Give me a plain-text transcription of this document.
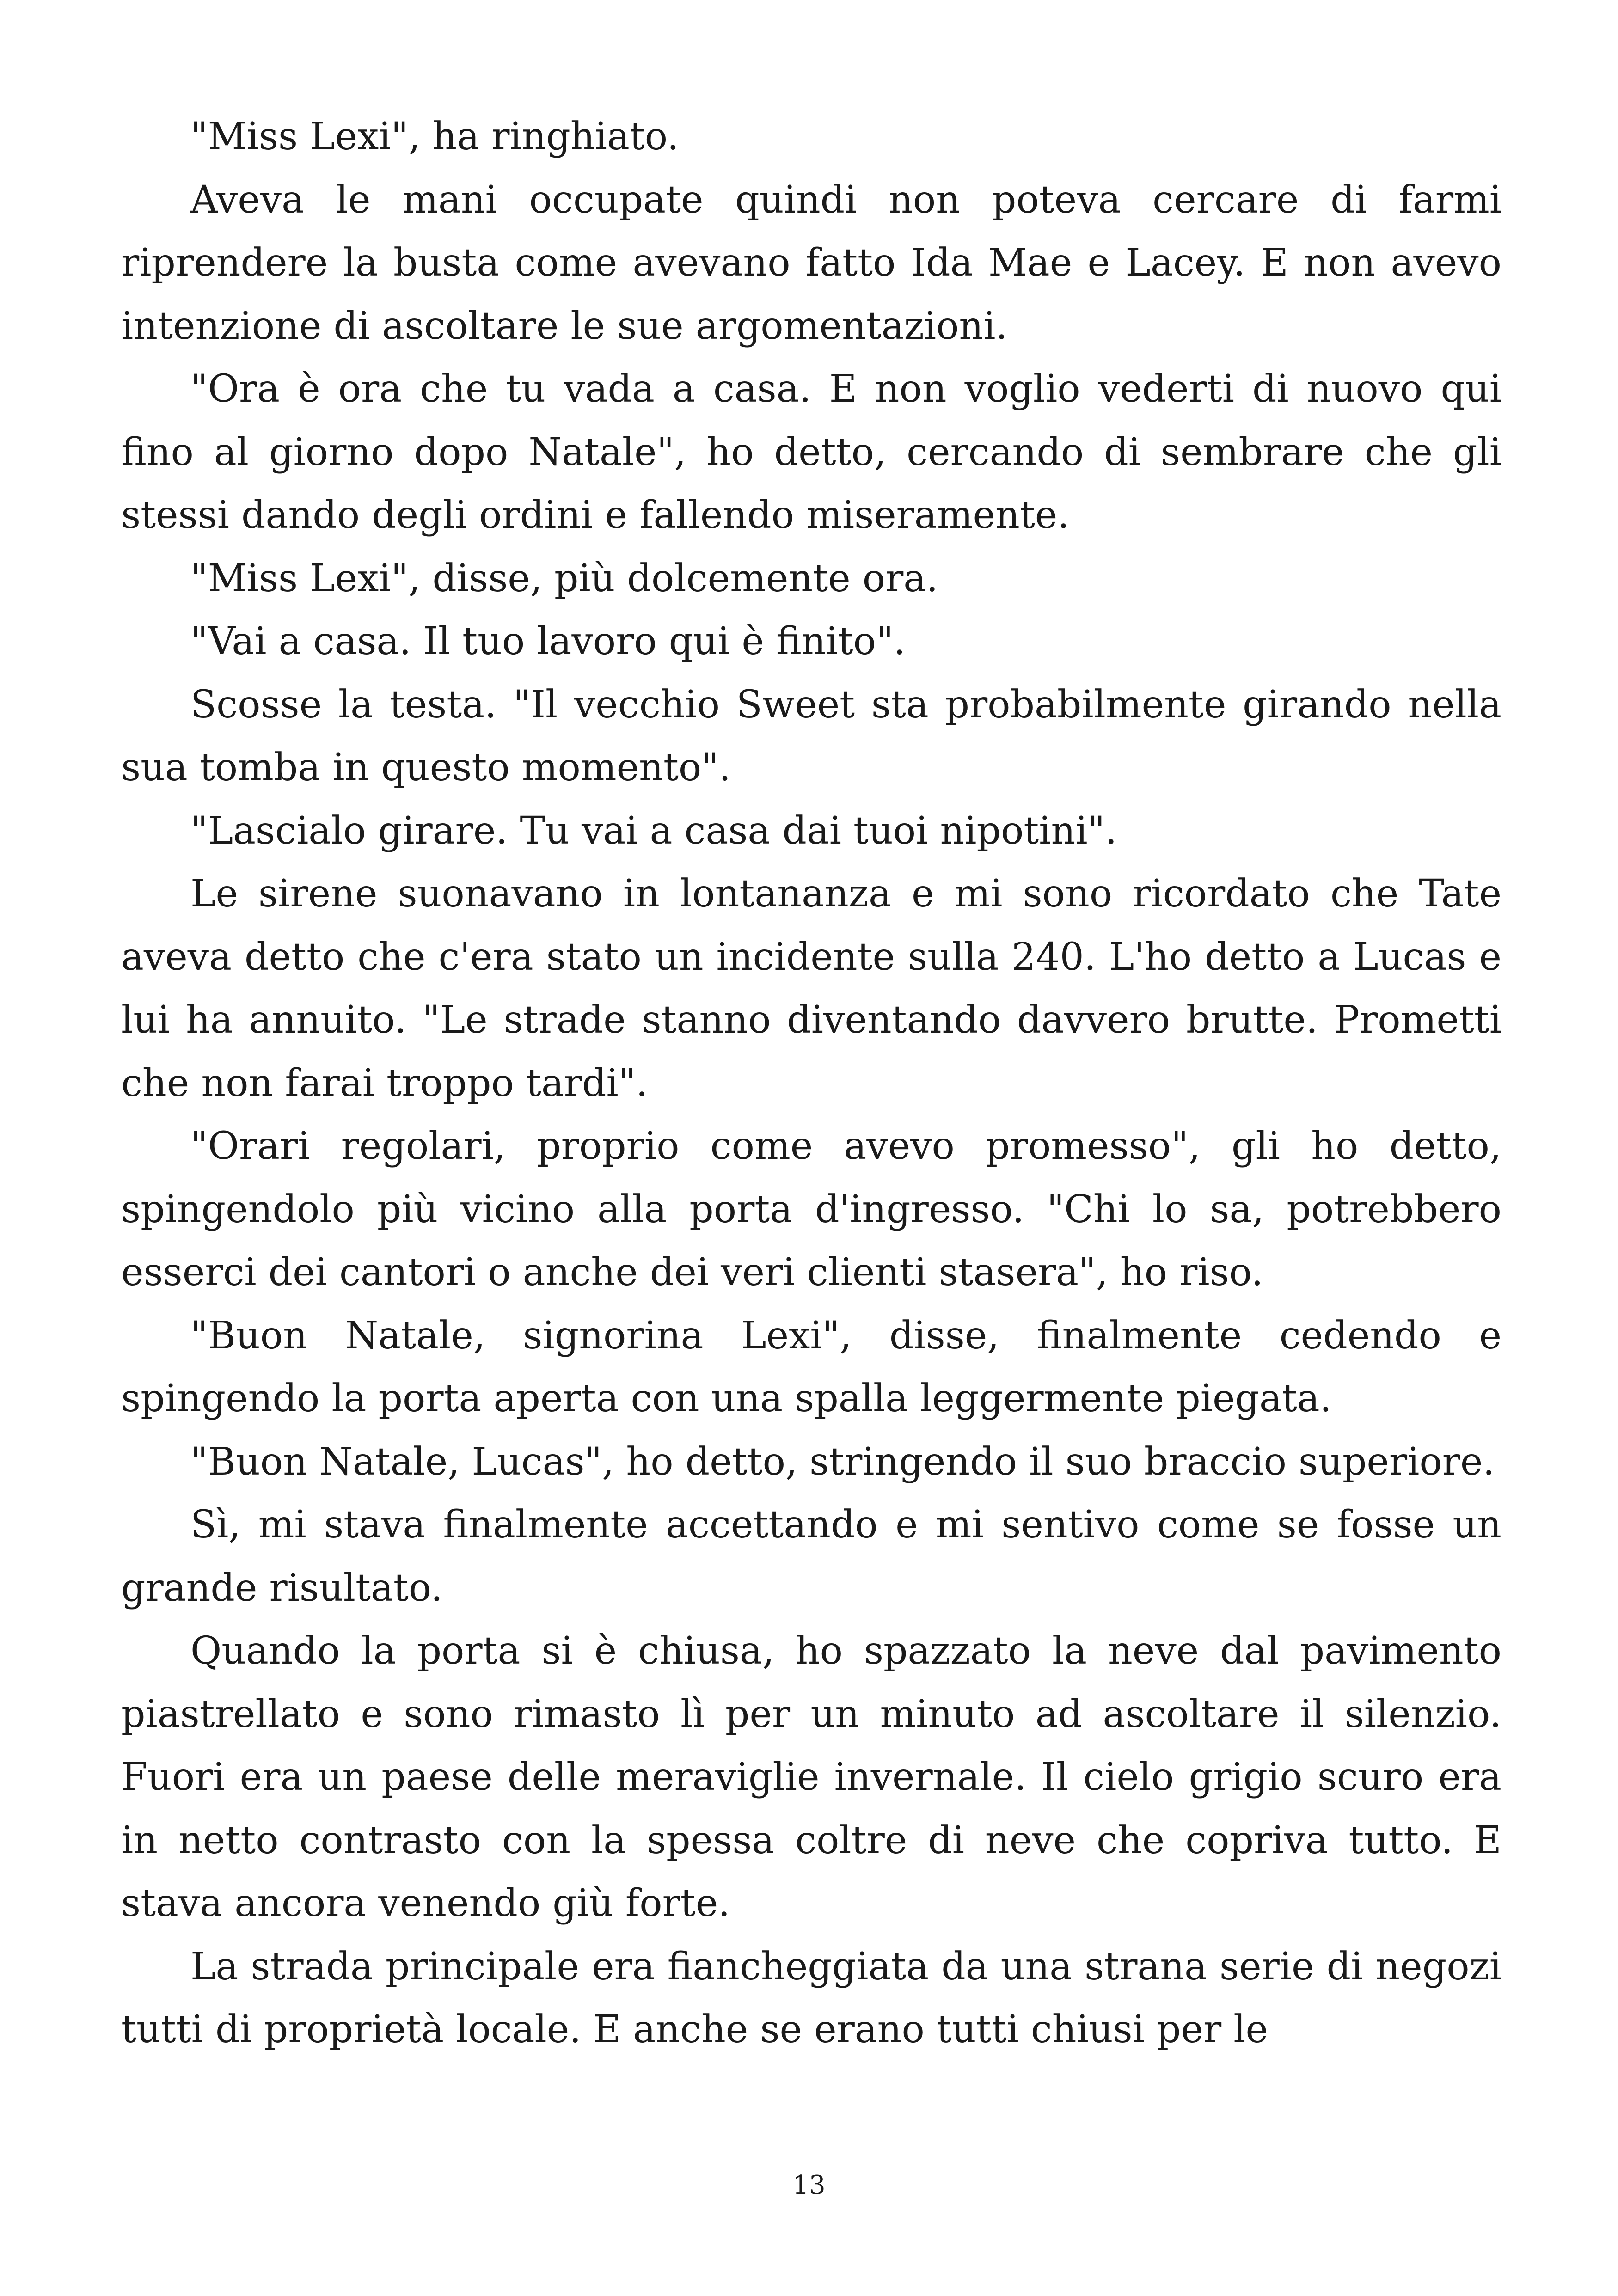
"Miss Lexi", ha ringhiato.

Aveva le mani occupate quindi non poteva cercare di farmi riprendere la busta come avevano fatto Ida Mae e Lacey. E non avevo intenzione di ascoltare le sue argomentazioni.

"Ora è ora che tu vada a casa. E non voglio vederti di nuovo qui fino al giorno dopo Natale", ho detto, cercando di sembrare che gli stessi dando degli ordini e fallendo miseramente.

"Miss Lexi", disse, più dolcemente ora.

"Vai a casa. Il tuo lavoro qui è finito".

Scosse la testa. "Il vecchio Sweet sta probabilmente girando nella sua tomba in questo momento".

"Lascialo girare. Tu vai a casa dai tuoi nipotini".

Le sirene suonavano in lontananza e mi sono ricordato che Tate aveva detto che c'era stato un incidente sulla 240. L'ho detto a Lucas e lui ha annuito. "Le strade stanno diventando davvero brutte. Prometti che non farai troppo tardi".

"Orari regolari, proprio come avevo promesso", gli ho detto, spingendolo più vicino alla porta d'ingresso. "Chi lo sa, potrebbero esserci dei cantori o anche dei veri clienti stasera", ho riso.

"Buon Natale, signorina Lexi", disse, finalmente cedendo e spingendo la porta aperta con una spalla leggermente piegata.

"Buon Natale, Lucas", ho detto, stringendo il suo braccio superiore.

Sì, mi stava finalmente accettando e mi sentivo come se fosse un grande risultato.

Quando la porta si è chiusa, ho spazzato la neve dal pavimento piastrellato e sono rimasto lì per un minuto ad ascoltare il silenzio. Fuori era un paese delle meraviglie invernale. Il cielo grigio scuro era in netto contrasto con la spessa coltre di neve che copriva tutto. E stava ancora venendo giù forte.

La strada principale era fiancheggiata da una strana serie di negozi tutti di proprietà locale. E anche se erano tutti chiusi per le

13
